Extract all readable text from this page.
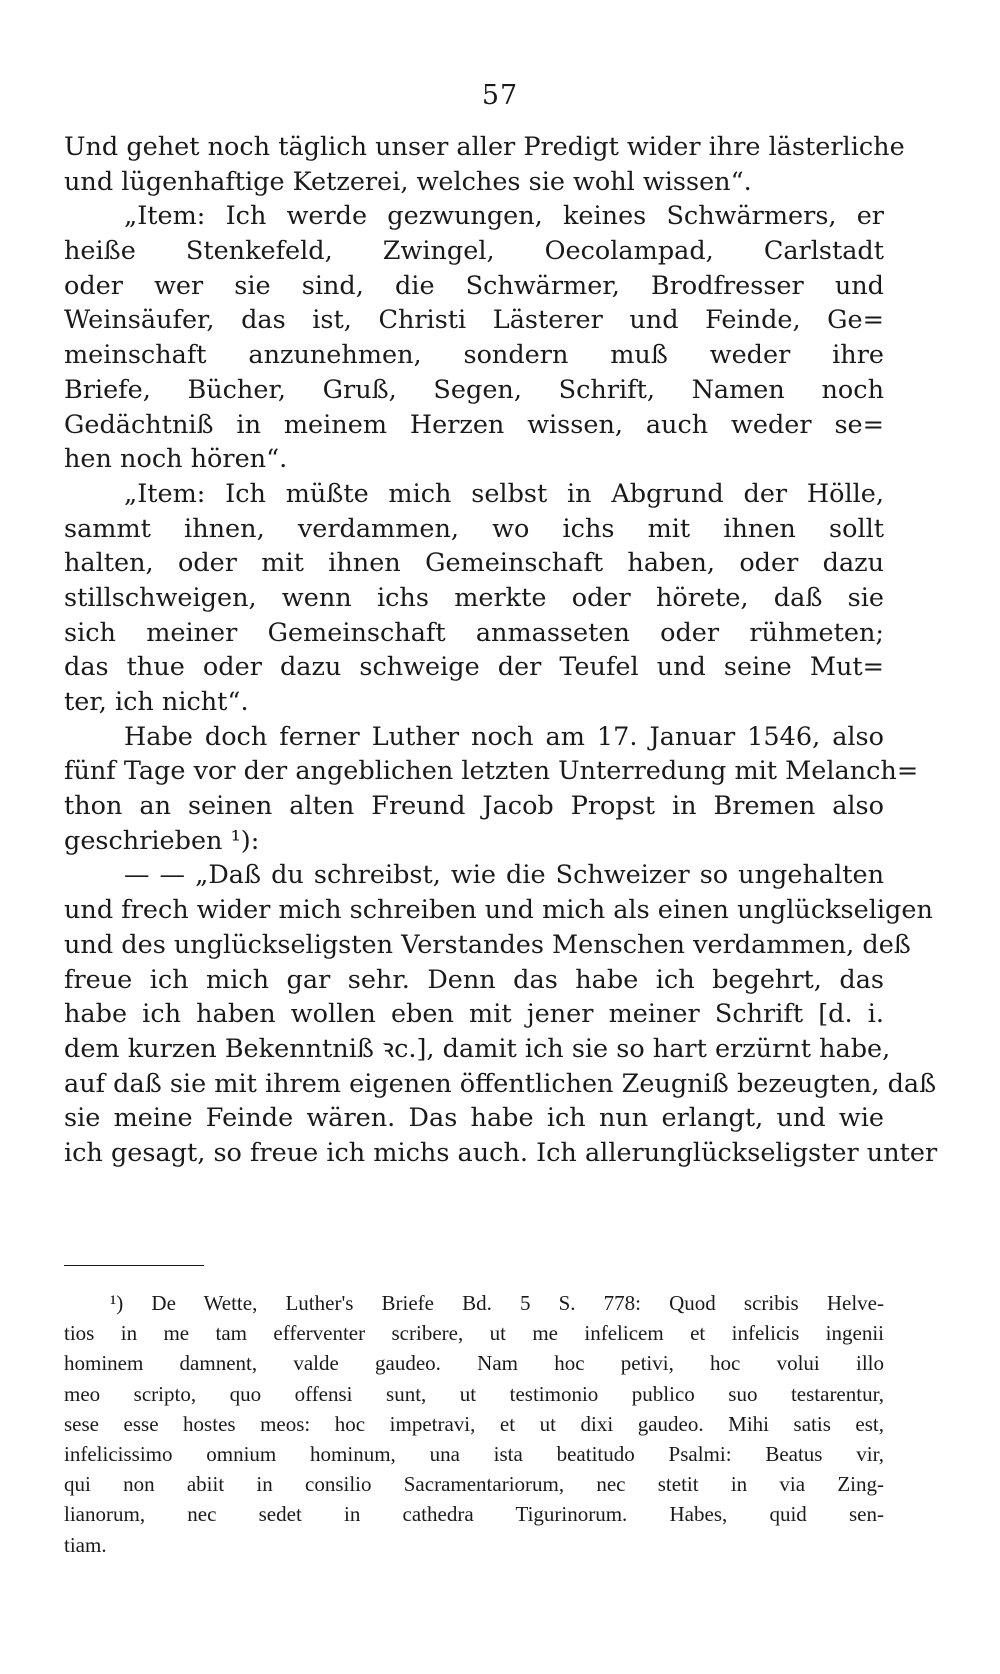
57
Und gehet noch täglich unser aller Predigt wider ihre lästerliche
und lügenhaftige Ketzerei, welches sie wohl wissen“.
„Item: Ich werde gezwungen, keines Schwärmers, er
heiße Stenkefeld, Zwingel, Oecolampad, Carlstadt
oder wer sie sind, die Schwärmer, Brodfresser und
Weinsäufer, das ist, Christi Lästerer und Feinde, Ge=
meinschaft anzunehmen, sondern muß weder ihre
Briefe, Bücher, Gruß, Segen, Schrift, Namen noch
Gedächtniß in meinem Herzen wissen, auch weder se=
hen noch hören“.
„Item: Ich müßte mich selbst in Abgrund der Hölle,
sammt ihnen, verdammen, wo ichs mit ihnen sollt
halten, oder mit ihnen Gemeinschaft haben, oder dazu
stillschweigen, wenn ichs merkte oder hörete, daß sie
sich meiner Gemeinschaft anmasseten oder rühmeten;
das thue oder dazu schweige der Teufel und seine Mut=
ter, ich nicht“.
Habe doch ferner Luther noch am 17. Januar 1546, also
fünf Tage vor der angeblichen letzten Unterredung mit Melanch=
thon an seinen alten Freund Jacob Propst in Bremen also
geschrieben ¹):
— — „Daß du schreibst, wie die Schweizer so ungehalten
und frech wider mich schreiben und mich als einen unglückseligen
und des unglückseligsten Verstandes Menschen verdammen, deß
freue ich mich gar sehr. Denn das habe ich begehrt, das
habe ich haben wollen eben mit jener meiner Schrift [d. i.
dem kurzen Bekenntniß ꝛc.], damit ich sie so hart erzürnt habe,
auf daß sie mit ihrem eigenen öffentlichen Zeugniß bezeugten, daß
sie meine Feinde wären. Das habe ich nun erlangt, und wie
ich gesagt, so freue ich michs auch. Ich allerunglückseligster unter
¹) De Wette, Luther's Briefe Bd. 5 S. 778: Quod scribis Helve-
tios in me tam efferventer scribere, ut me infelicem et infelicis ingenii
hominem damnent, valde gaudeo. Nam hoc petivi, hoc volui illo
meo scripto, quo offensi sunt, ut testimonio publico suo testarentur,
sese esse hostes meos: hoc impetravi, et ut dixi gaudeo. Mihi satis est,
infelicissimo omnium hominum, una ista beatitudo Psalmi: Beatus vir,
qui non abiit in consilio Sacramentariorum, nec stetit in via Zing-
lianorum, nec sedet in cathedra Tigurinorum. Habes, quid sen-
tiam.
